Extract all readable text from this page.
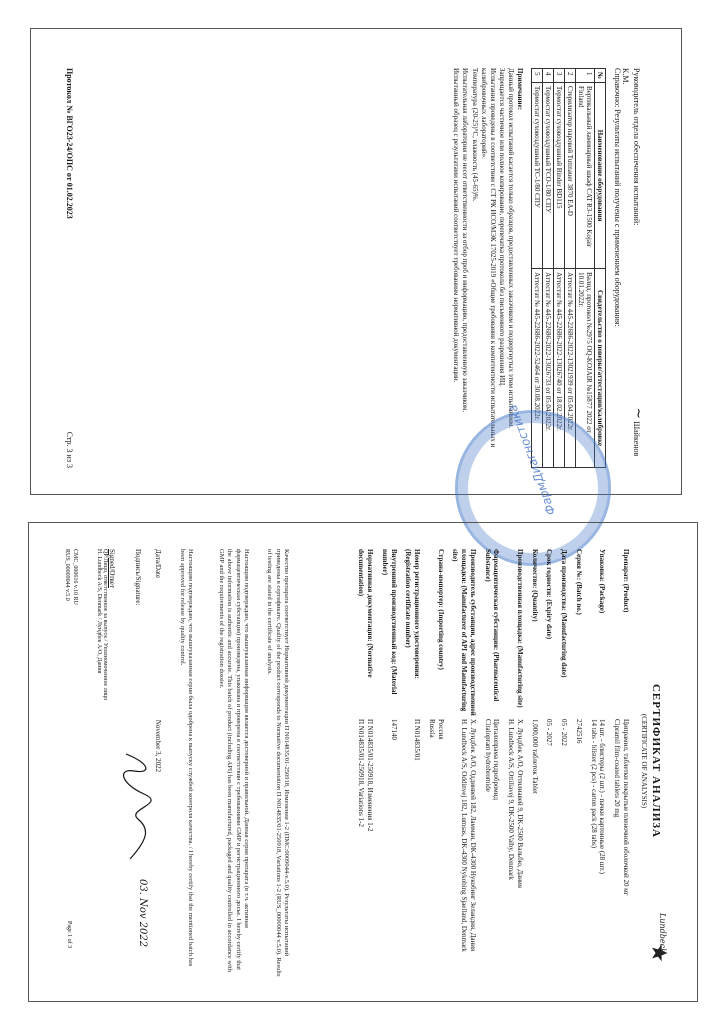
Руководитель отдела обеспечения испытаний: ~ Шайкенов К.М.
Справочно: Результаты испытаний получены с применением оборудования:
№	Наименование оборудования	Свидетельство о поверке/аттестации/калибровке
1	Вертикальный ламинарный шкаф CAT R3-1500 Kojair Finland	Валид. протокол №2975 OQ-KOJAIR №15877 2022 от 10.01.2022г.
2	Стерилизатор паровой Tuttnauer 3870 EA-D	Аттестат № 445-22686-2022-13021939 от 05.04.2022г.
3	Термостат суховоздушный Binder BD115	Аттестат № 445-22686-2022-13026740 от 18.02.2022г.
4	Термостат суховоздушный ТСО-1/80 СПУ	Аттестат № 445-22686-2022-13026733 от 05.04.2022г.
5	Термостат суховоздушный ТС-1/80 СПУ	Аттестат № 445-22686-2022-52464 от 30.08.2022г.
Примечание:
Данный протокол испытаний касается только образцов, предоставленных заказчиком и подвергнутых этим испытаниям.
Запрещается частичное или полное копирование, перепечатка протокола без письменного разрешения ИЦ.
Испытания проведены в соответствии с СТ РК ИСО/МЭК 17025-2019 «Общие требования к компетентности испытательных и калибровочных лабораторий».
Температура (20-25)°С, влажность (45-65)%.
Испытательная лаборатория не несет ответственности за отбор проб и информацию, предоставленную заказчиком.
Испытанный образец с результатами испытаний соответствует требованиям нормативной документации.
Протокол № ВГО23-24/ОПС от 01.02.2023
Стр. 3 из 3	ФармДиагностика
Lundbeck
СЕРТИФИКАТ АНАЛИЗА
(CERTIFICATE OF ANALYSIS)
Препарат: (Product)
Ципрамил, таблетки покрытые пленочной оболочкой 20 мг
Cipramil film-coated tablets 20 mg
Упаковка: (Package)
14 шт. - блистеры (2 шт.) - пачки картонные (28 шт.)
14 tabs - blister (2 pcs) - carton pack (28 tabs)
Серия №: (Batch no.)
2742516
Дата производства: (Manufacturing date)
05 - 2022
Срок годности: (Expiry date)
05 - 2027
Количество: (Quantity)
1,000,000 таблеток Tablet
Производственная площадка: (Manufacturing site)
Х. Лундбек А/О, Оттилиавей 9, DK-2500 Вальбю, Дания
H. Lundbeck A/S, Ottiliavej 9, DK-2500 Valby, Denmark
Фармацевтическая субстанция: (Pharmaceutical Substance)
Циталопрама гидробромид
Citalopram hydrobromide
Производитель субстанции, адрес производственной площадки: (Manufacturer of API and Manufacturing site)
Х. Лундбек А/О, Оддинвей 182, Ламман, DK-4300 Нукобинг Зеландия, Дания
H. Lundbeck A/S, Oddinvej 182, Lumsas, DK-4300 Nykobing Sjaelland, Denmark
Страна-импортер: (Importing country)
Россия
Russia
Номер регистрационного удостоверения: (Registration certificate number)
П N014835/01
Внутренний производственный код: (Material number)
147140
Нормативная документация: (Normative documentation)
П N014835/01-250918, Изменения 1-2
П N014835/01-250918, Variations 1-2
Качество препарата соответствует Нормативной документации П N014835/01-250918, Изменения 1-2 (ПМС:0009044-v.5.0). Результаты испытаний приведены в сертификате. Quality of the product corresponds to Normative documentation П N014835/01-250918, Variations 1-2 (RUS_00009044 v.5.0). Results of testing are stated in the certificate of analysis.
Настоящим подтверждаю, что вышеуказанная информация является достоверной и правильной. Данная серия препарата (в т.ч. активная фармацевтическая субстанция) произведена, упакована и проверена в соответствии с требованиями GMP и регистрационного досье. I hereby certify that the above information is authentic and accurate. This batch of product (including API) has been manufactured, packaged and quality controlled in accordance with GMP and the requirements of the registration dossier.
Настоящим подтверждаю, что вышеуказанная серия была одобрена к выпуску службой контроля качества. / I hereby certify that the mentioned batch has been approved for release by quality control.
Дата/Date November 3, 2022
Подпись/Signature:
03. Nov 2022
Signed/Ответ
QP/Лицо, ответственное за выпуск / Уполномоченное лицо
H. Lundbeck A/S, Denmark / Лундбек А/О, Дания
CMC_000616 v.10 RU
RUS_00009044 v.5.0
Page 1 of 3
